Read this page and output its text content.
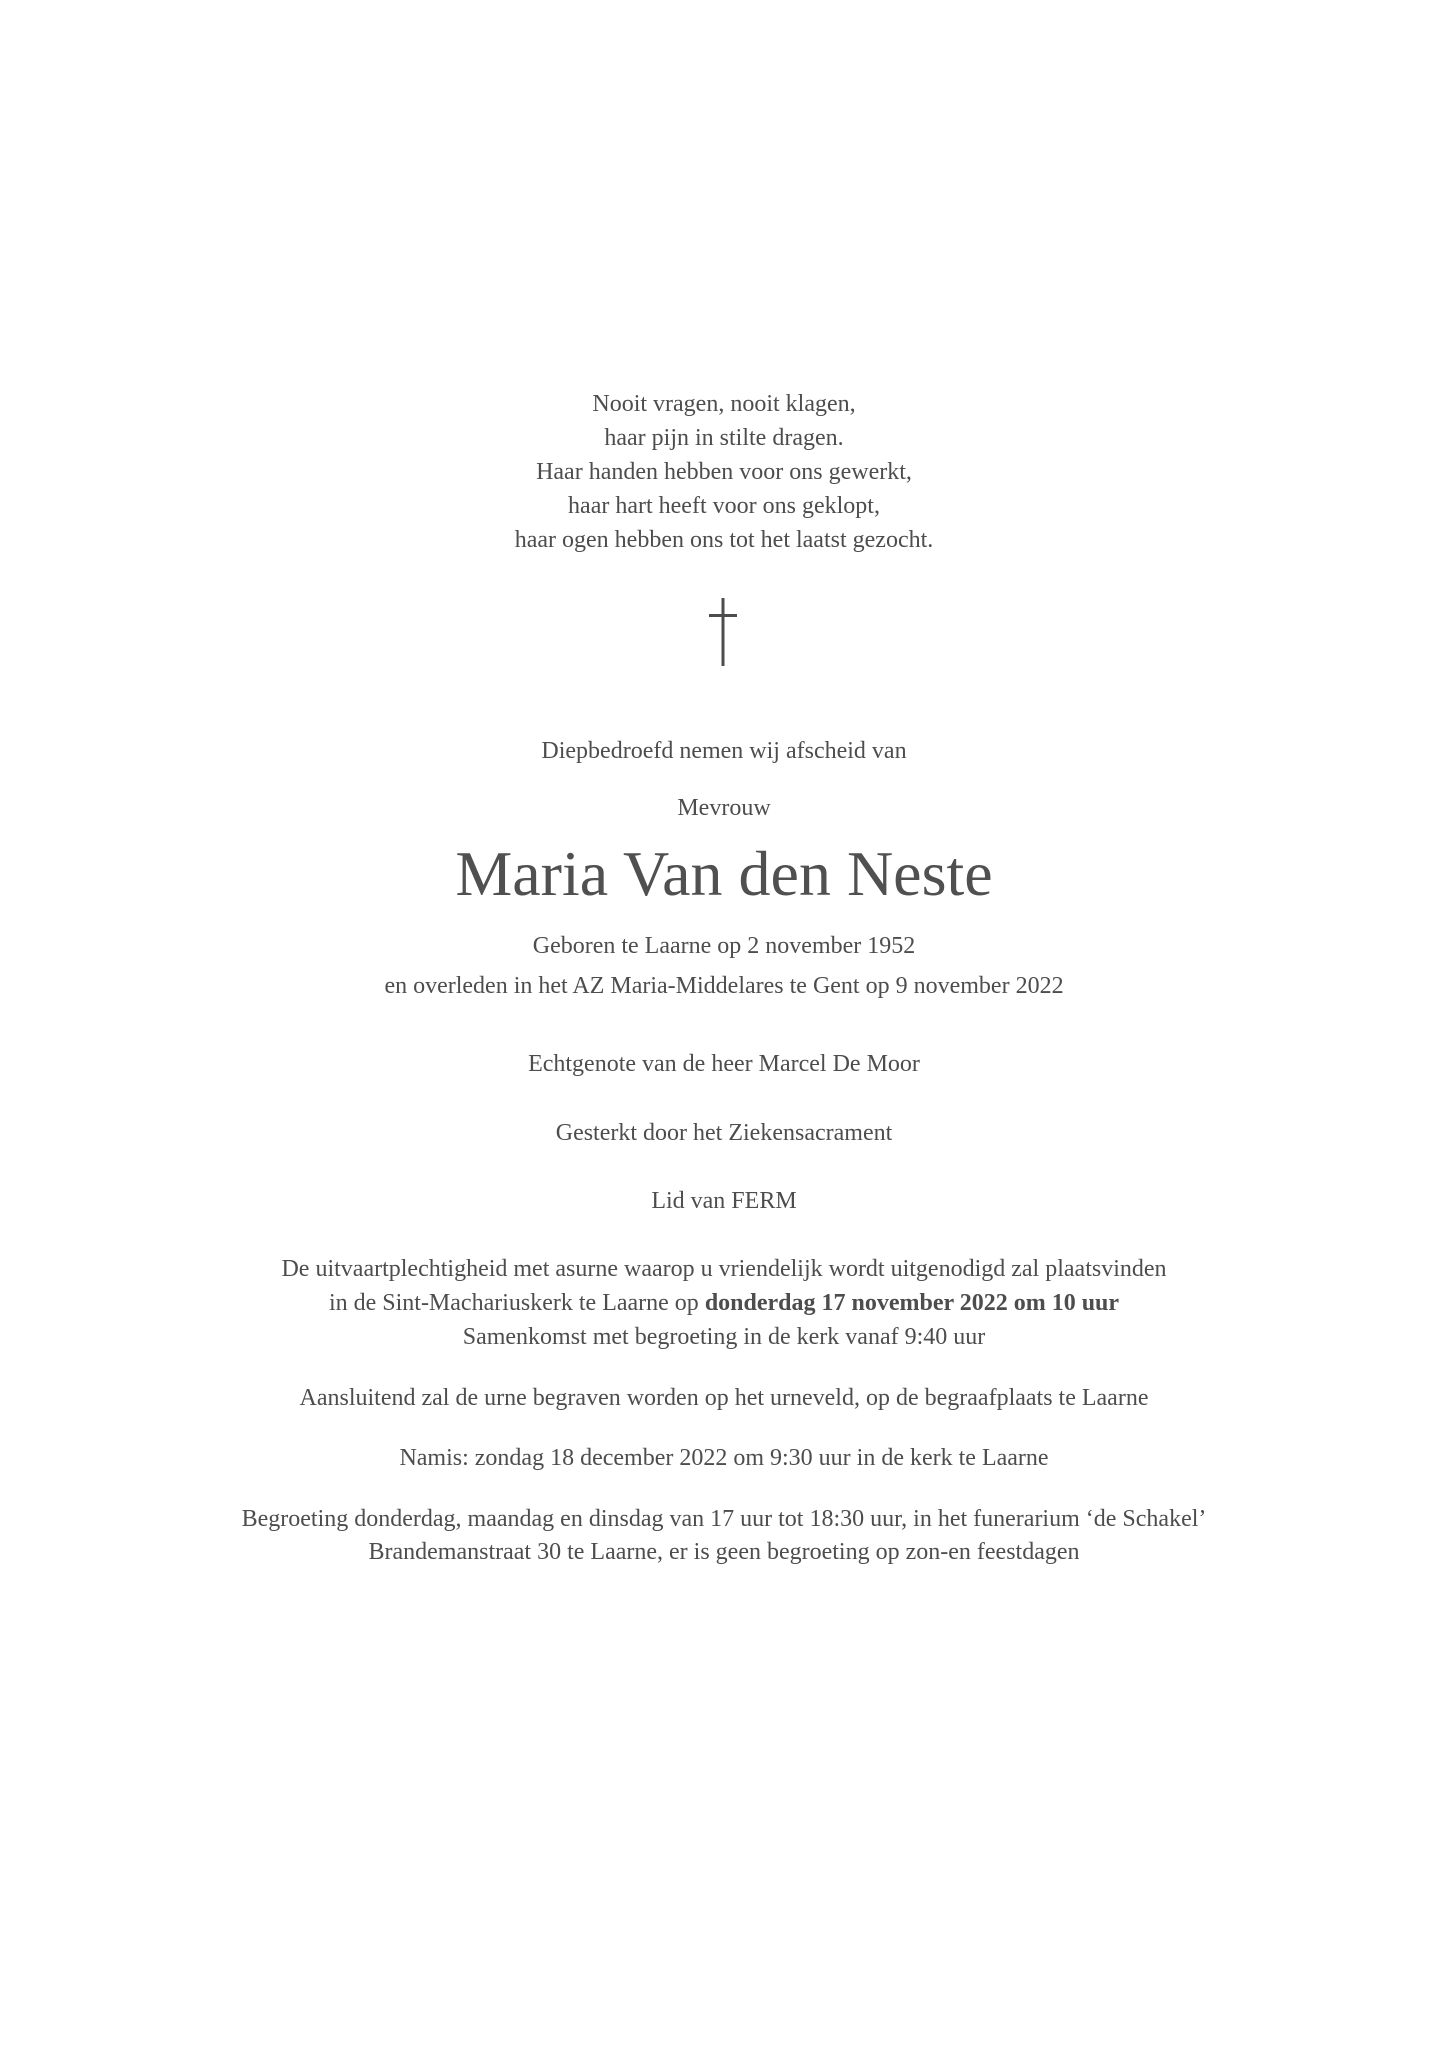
Nooit vragen, nooit klagen,
haar pijn in stilte dragen.
Haar handen hebben voor ons gewerkt,
haar hart heeft voor ons geklopt,
haar ogen hebben ons tot het laatst gezocht.
Diepbedroefd nemen wij afscheid van
Mevrouw
Maria Van den Neste
Geboren te Laarne op 2 november 1952
en overleden in het AZ Maria-Middelares te Gent op 9 november 2022
Echtgenote van de heer Marcel De Moor
Gesterkt door het Ziekensacrament
Lid van FERM
De uitvaartplechtigheid met asurne waarop u vriendelijk wordt uitgenodigd zal plaatsvinden
in de Sint-Machariuskerk te Laarne op donderdag 17 november 2022 om 10 uur
Samenkomst met begroeting in de kerk vanaf 9:40 uur
Aansluitend zal de urne begraven worden op het urneveld, op de begraafplaats te Laarne
Namis: zondag 18 december 2022 om 9:30 uur in de kerk te Laarne
Begroeting donderdag, maandag en dinsdag van 17 uur tot 18:30 uur, in het funerarium ‘de Schakel’
Brandemanstraat 30 te Laarne, er is geen begroeting op zon-en feestdagen
